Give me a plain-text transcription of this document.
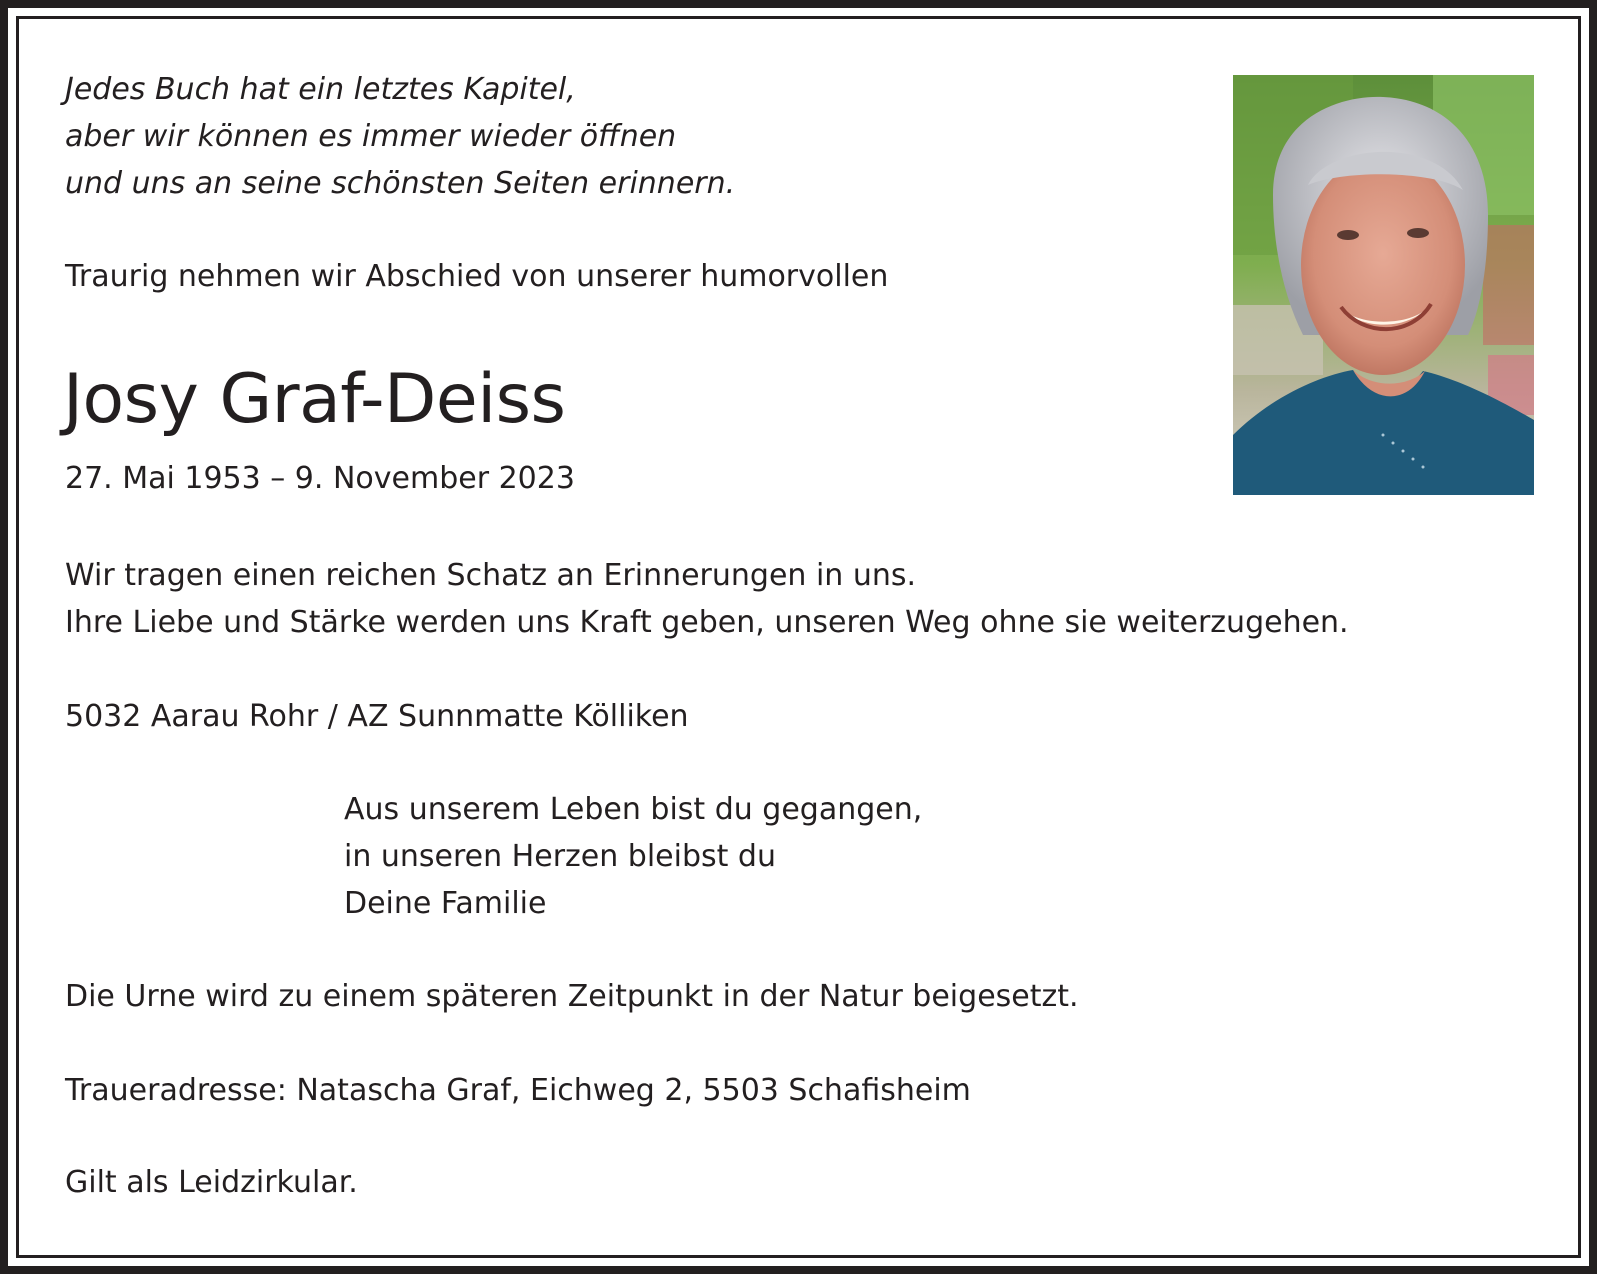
Jedes Buch hat ein letztes Kapitel,
aber wir können es immer wieder öffnen
und uns an seine schönsten Seiten erinnern.
Traurig nehmen wir Abschied von unserer humorvollen
Josy Graf-Deiss
27. Mai 1953 – 9. November 2023
Wir tragen einen reichen Schatz an Erinnerungen in uns.
Ihre Liebe und Stärke werden uns Kraft geben, unseren Weg ohne sie weiterzugehen.
5032 Aarau Rohr / AZ Sunnmatte Kölliken
Aus unserem Leben bist du gegangen,
in unseren Herzen bleibst du
Deine Familie
Die Urne wird zu einem späteren Zeitpunkt in der Natur beigesetzt.
Traueradresse: Natascha Graf, Eichweg 2, 5503 Schafisheim
Gilt als Leidzirkular.
